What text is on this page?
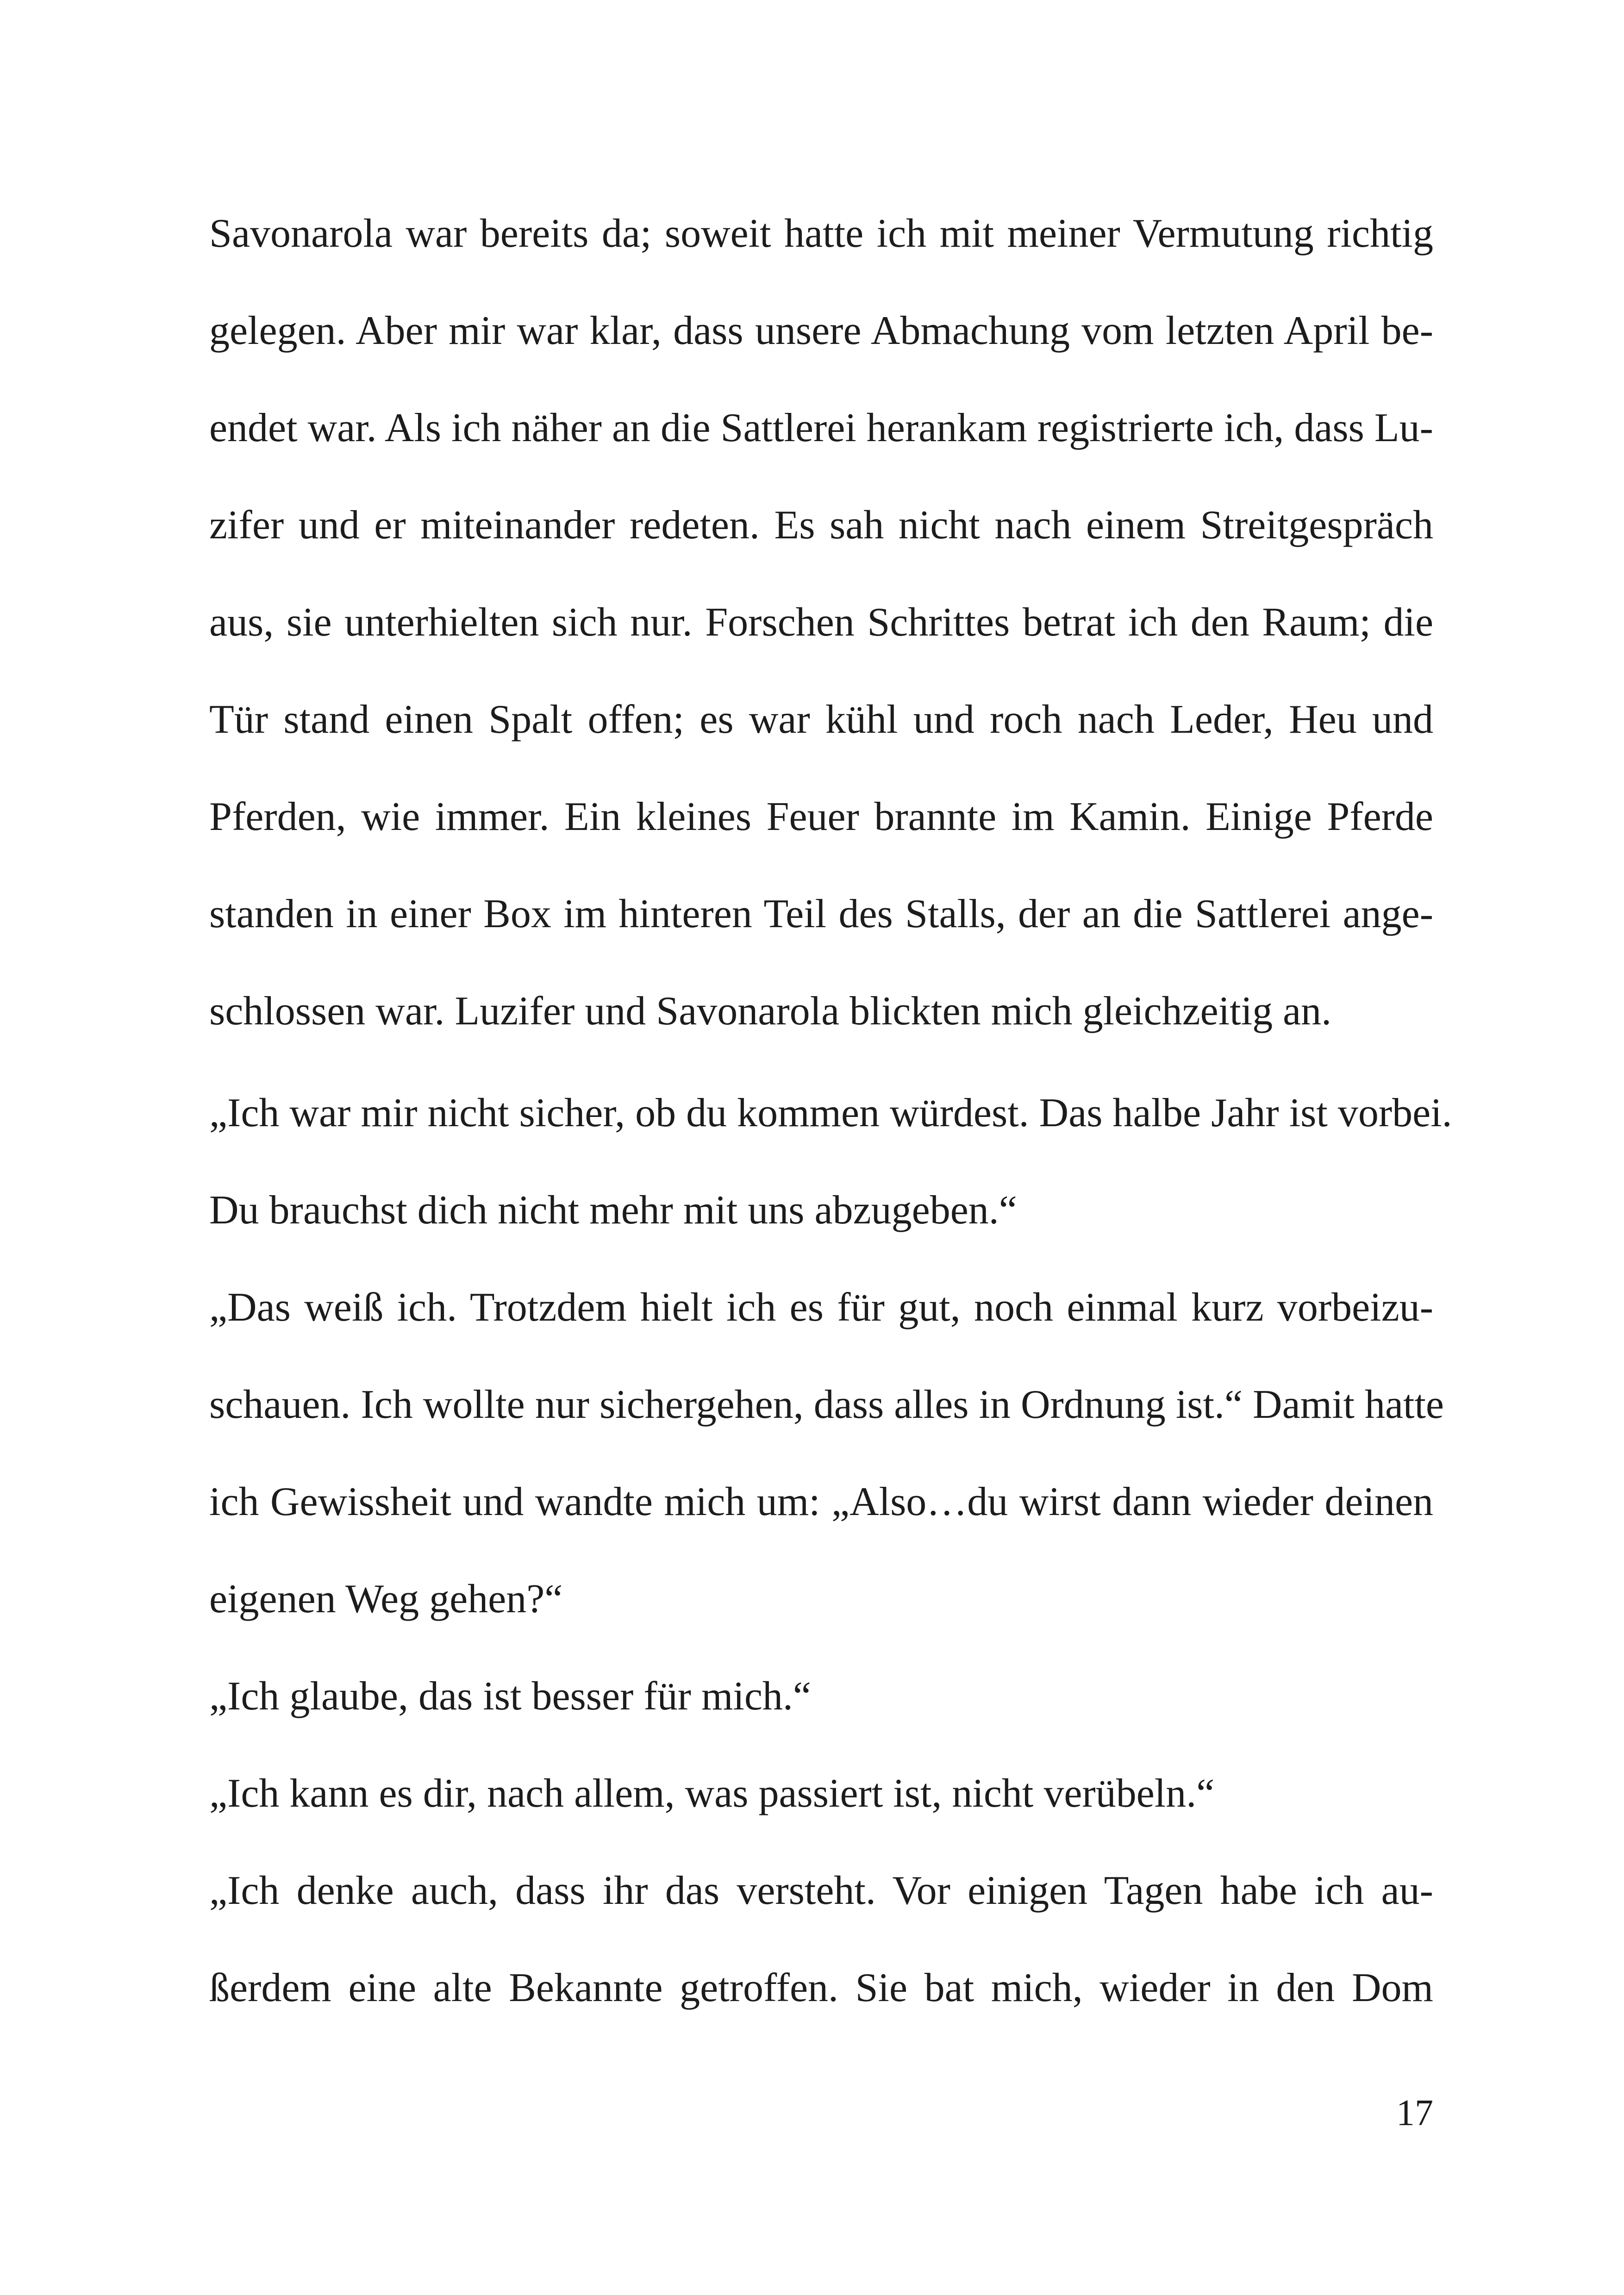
Savonarola war bereits da; soweit hatte ich mit meiner Vermutung richtig
gelegen. Aber mir war klar, dass unsere Abmachung vom letzten April be-
endet war. Als ich näher an die Sattlerei herankam registrierte ich, dass Lu-
zifer und er miteinander redeten. Es sah nicht nach einem Streitgespräch
aus, sie unterhielten sich nur. Forschen Schrittes betrat ich den Raum; die
Tür stand einen Spalt offen; es war kühl und roch nach Leder, Heu und
Pferden, wie immer. Ein kleines Feuer brannte im Kamin. Einige Pferde
standen in einer Box im hinteren Teil des Stalls, der an die Sattlerei ange-
schlossen war. Luzifer und Savonarola blickten mich gleichzeitig an.

„Ich war mir nicht sicher, ob du kommen würdest. Das halbe Jahr ist vorbei.
Du brauchst dich nicht mehr mit uns abzugeben.“
„Das weiß ich. Trotzdem hielt ich es für gut, noch einmal kurz vorbeizu-
schauen. Ich wollte nur sichergehen, dass alles in Ordnung ist.“ Damit hatte
ich Gewissheit und wandte mich um: „Also…du wirst dann wieder deinen
eigenen Weg gehen?“
„Ich glaube, das ist besser für mich.“
„Ich kann es dir, nach allem, was passiert ist, nicht verübeln.“
„Ich denke auch, dass ihr das versteht. Vor einigen Tagen habe ich au-
ßerdem eine alte Bekannte getroffen. Sie bat mich, wieder in den Dom

17
